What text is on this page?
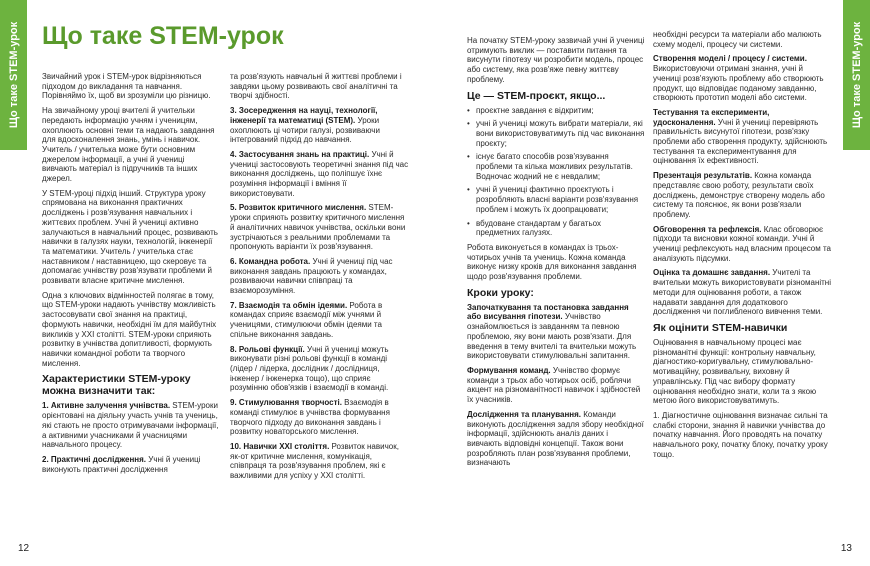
Що таке STEM-урок Що таке STEM-урок

Звичайний урок і STEM-урок відрізняються підходом до викладання та навчання. Порівняймо їх, щоб ви зрозуміли цю різницю.

На звичайному уроці вчителі й учительки передають інформацію учням і ученицям, охоплюють основні теми та надають завдання для вдосконалення знань, умінь і навичок. Учитель / учителька може бути основним джерелом інформації, а учні й учениці вивчають матеріал із підручників та інших джерел.

У STEM-уроці підхід інший. Структура уроку спрямована на виконання практичних досліджень і розв'язування навчальних і життєвих проблем. Учні й учениці активно залучаються в навчальний процес, розвивають навички в галузях науки, технологій, інженерії та математики. Учитель / учителька стає наставником / наставницею, що скеровує та допомагає учнівству розв'язувати проблеми й розвивати власне критичне мислення.

Одна з ключових відмінностей полягає в тому, що STEM-уроки надають учнівству можливість застосовувати свої знання на практиці, формують навички, необхідні їм для майбутніх викликів у XXI столітті. STEM-уроки сприяють розвитку в учнівства допитливості, формують навички командної роботи та творчого мислення.

Характеристики STEM-уроку можна визначити так:

1. Активне залучення учнівства. STEM-уроки орієнтовані на діяльну участь учнів та учениць, які стають не просто отримувачами інформації, а активними учасниками й учасницями навчального процесу.

2. Практичні дослідження. Учні й учениці виконують практичні дослідження

та розв'язують навчальні й життєві проблеми і завдяки цьому розвивають свої аналітичні та творчі здібності.

3. Зосередження на науці, технології, інженерії та математиці (STEM). Уроки охоплюють ці чотири галузі, розвиваючи інтегрований підхід до навчання.

4. Застосування знань на практиці. Учні й учениці застосовують теоретичні знання під час виконання досліджень, що поліпшує їхнє розуміння інформації і вміння її використовувати.

5. Розвиток критичного мислення. STEM-уроки сприяють розвитку критичного мислення й аналітичних навичок учнівства, оскільки вони зустрічаються з реальними проблемами та пропонують варіанти їх розв'язування.

6. Командна робота. Учні й учениці під час виконання завдань працюють у командах, розвиваючи навички співпраці та взаєморозуміння.

7. Взаємодія та обмін ідеями. Робота в командах сприяє взаємодії між учнями й ученицями, стимулюючи обмін ідеями та спільне виконання завдань.

8. Рольові функції. Учні й учениці можуть виконувати різні рольові функції в команді (лідер / лідерка, дослідник / дослідниця, інженер / інженерка тощо), що сприяє розумінню обов'язків і взаємодії в команді.

9. Стимулювання творчості. Взаємодія в команді стимулює в учнівства формування творчого підходу до виконання завдань і розвитку новаторського мислення.

10. Навички XXI століття. Розвиток навичок, як-от критичне мислення, комунікація, співпраця та розв'язування проблем, які є важливими для успіху у XXI столітті.

12
Що таке STEM-урок

На початку STEM-уроку зазвичай учні й учениці отримують виклик — поставити питання та висунути гіпотезу чи розробити модель, процес або систему, яка розв'яже певну життєву проблему.

Це — STEM-проєкт, якщо...
• проєктне завдання є відкритим;
• учні й учениці можуть вибрати матеріали, які вони використовуватимуть під час виконання проєкту;
• існує багато способів розв'язування проблеми та кілька можливих результатів. Водночас жодний не є невдалим;
• учні й учениці фактично проєктують і розробляють власні варіанти розв'язування проблем і можуть їх доопрацювати;
• вбудоване стандартам у багатьох предметних галузях.

Робота виконується в командах із трьох-чотирьох учнів та учениць. Кожна команда виконує низку кроків для виконання завдання щодо розв'язування проблеми.

Кроки уроку:

Започаткування та постановка завдання або висування гіпотези. Учнівство ознайомлюється із завданням та певною проблемою, яку вони мають розв'язати. Для введення в тему вчителі та вчительки можуть використовувати стимулювальні запитання.

Формування команд. Учнівство формує команди з трьох або чотирьох осіб, роблячи акцент на різноманітності навичок і здібностей їх учасників.

Дослідження та планування. Команди виконують дослідження задля збору необхідної інформації, здійснюють аналіз даних і вивчають відповідні концепції. Також вони розробляють план розв'язування проблеми, визначають

необхідні ресурси та матеріали або малюють схему моделі, процесу чи системи.

Створення моделі / процесу / системи. Використовуючи отримані знання, учні й учениці розв'язують проблему або створюють продукт, що відповідає поданому завданню, створюють прототип моделі або системи.

Тестування та експерименти, удосконалення. Учні й учениці перевіряють правильність висунутої гіпотези, розв'язку проблеми або створення продукту, здійснюють тестування та експериментування для оцінювання їх ефективності.

Презентація результатів. Кожна команда представляє свою роботу, результати своїх досліджень, демонструє створену модель або систему та пояснює, як вони розв'язали проблему.

Обговорення та рефлексія. Клас обговорює підходи та висновки кожної команди. Учні й учениці рефлексують над власним процесом та аналізують підсумки.

Оцінка та домашнє завдання. Учителі та вчительки можуть використовувати різноманітні методи для оцінювання роботи, а також надавати завдання для додаткового дослідження чи поглибленого вивчення теми.

Як оцінити STEM-навички

Оцінювання в навчальному процесі має різноманітні функції: контрольну навчальну, діагностико-коригувальну, стимулювально-мотиваційну, розвивальну, виховну й управлінську. Під час вибору формату оцінювання необхідно знати, коли та з якою метою його використовуватимуть.

1. Діагностичне оцінювання визначає сильні та слабкі сторони, знання й навички учнівства до початку навчання. Його проводять на початку навчального року, початку блоку, початку уроку тощо.

13
